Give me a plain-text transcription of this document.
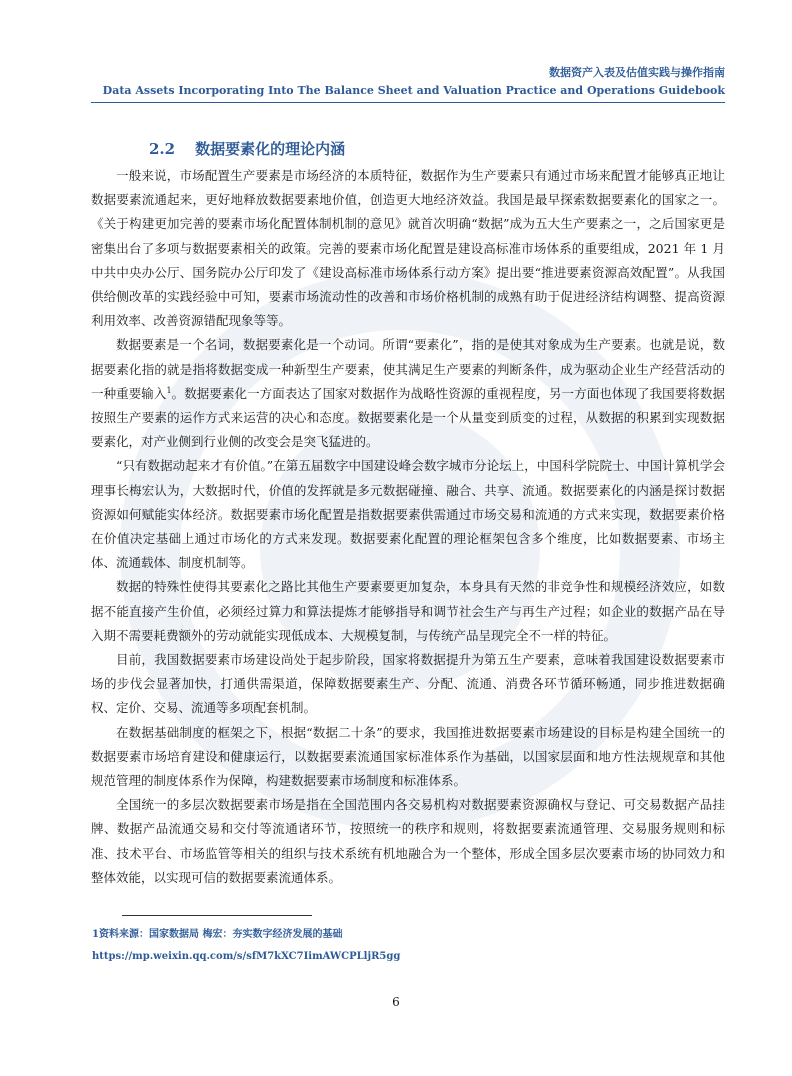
数据资产入表及估值实践与操作指南
Data Assets Incorporating Into The Balance Sheet and Valuation Practice and Operations Guidebook
2.2 数据要素化的理论内涵

一般来说，市场配置生产要素是市场经济的本质特征，数据作为生产要素只有通过市场来配置才能够真正地让数据要素流通起来，更好地释放数据要素地价值，创造更大地经济效益。我国是最早探索数据要素化的国家之一。《关于构建更加完善的要素市场化配置体制机制的意见》就首次明确“数据”成为五大生产要素之一，之后国家更是密集出台了多项与数据要素相关的政策。完善的要素市场化配置是建设高标准市场体系的重要组成，2021 年 1 月中共中央办公厅、国务院办公厅印发了《建设高标准市场体系行动方案》提出要“推进要素资源高效配置”。从我国供给侧改革的实践经验中可知，要素市场流动性的改善和市场价格机制的成熟有助于促进经济结构调整、提高资源利用效率、改善资源错配现象等等。

数据要素是一个名词，数据要素化是一个动词。所谓“要素化”，指的是使其对象成为生产要素。也就是说，数据要素化指的就是指将数据变成一种新型生产要素，使其满足生产要素的判断条件，成为驱动企业生产经营活动的一种重要输入$^1$。数据要素化一方面表达了国家对数据作为战略性资源的重视程度，另一方面也体现了我国要将数据按照生产要素的运作方式来运营的决心和态度。数据要素化是一个从量变到质变的过程，从数据的积累到实现数据要素化，对产业侧到行业侧的改变会是突飞猛进的。

“只有数据动起来才有价值。”在第五届数字中国建设峰会数字城市分论坛上，中国科学院院士、中国计算机学会理事长梅宏认为，大数据时代，价值的发挥就是多元数据碰撞、融合、共享、流通。数据要素化的内涵是探讨数据资源如何赋能实体经济。数据要素市场化配置是指数据要素供需通过市场交易和流通的方式来实现，数据要素价格在价值决定基础上通过市场化的方式来发现。数据要素化配置的理论框架包含多个维度，比如数据要素、市场主体、流通载体、制度机制等。

数据的特殊性使得其要素化之路比其他生产要素要更加复杂，本身具有天然的非竞争性和规模经济效应，如数据不能直接产生价值，必须经过算力和算法提炼才能够指导和调节社会生产与再生产过程；如企业的数据产品在导入期不需要耗费额外的劳动就能实现低成本、大规模复制，与传统产品呈现完全不一样的特征。

目前，我国数据要素市场建设尚处于起步阶段，国家将数据提升为第五生产要素，意味着我国建设数据要素市场的步伐会显著加快，打通供需渠道，保障数据要素生产、分配、流通、消费各环节循环畅通，同步推进数据确权、定价、交易、流通等多项配套机制。

在数据基础制度的框架之下，根据“数据二十条”的要求，我国推进数据要素市场建设的目标是构建全国统一的数据要素市场培育建设和健康运行，以数据要素流通国家标准体系作为基础，以国家层面和地方性法规规章和其他规范管理的制度体系作为保障，构建数据要素市场制度和标准体系。

全国统一的多层次数据要素市场是指在全国范围内各交易机构对数据要素资源确权与登记、可交易数据产品挂牌、数据产品流通交易和交付等流通诸环节，按照统一的秩序和规则，将数据要素流通管理、交易服务规则和标准、技术平台、市场监管等相关的组织与技术系统有机地融合为一个整体，形成全国多层次要素市场的协同效力和整体效能，以实现可信的数据要素流通体系。

1资料来源：国家数据局 梅宏：夯实数字经济发展的基础
https://mp.weixin.qq.com/s/sfM7kXC7IimAWCPLljR5gg
6
